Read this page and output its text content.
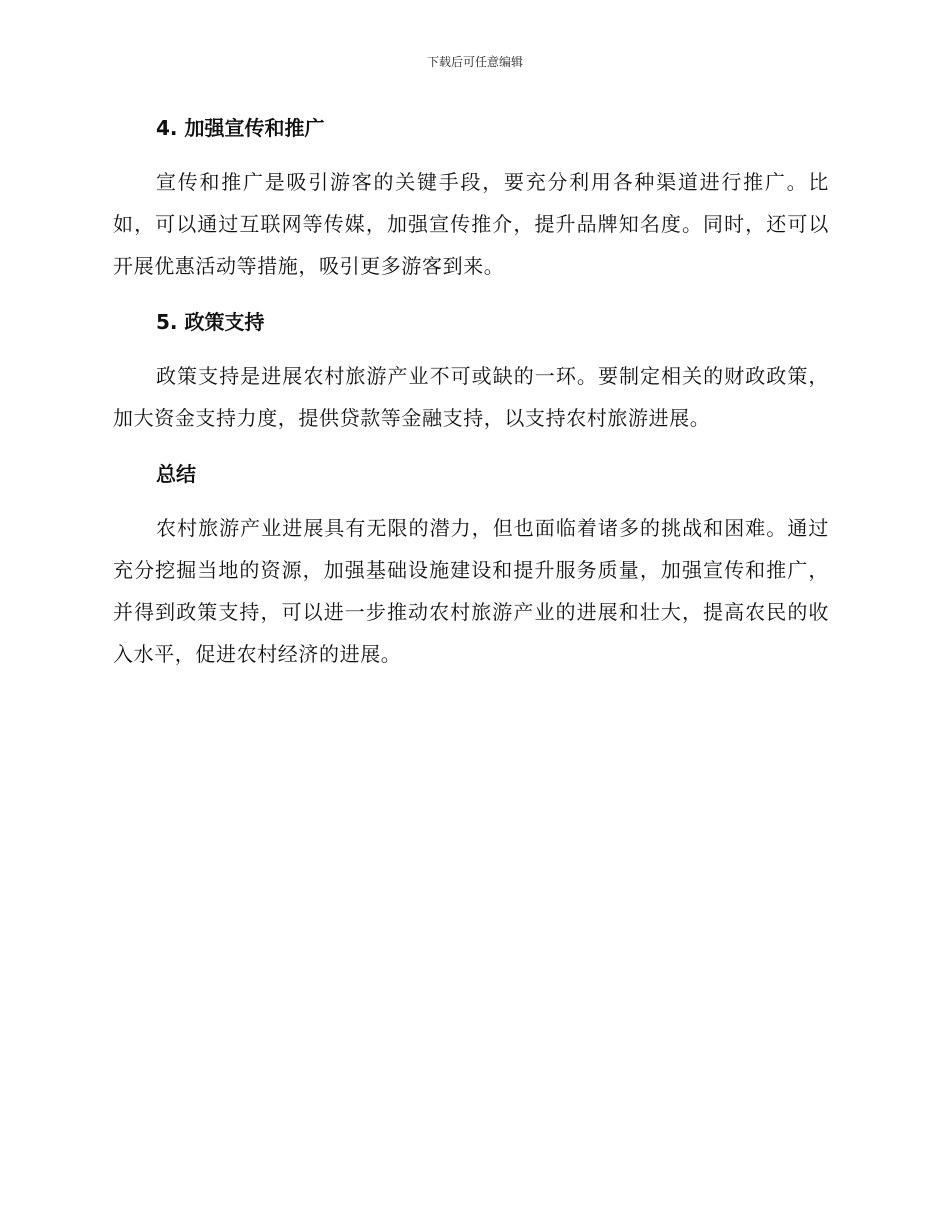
下载后可任意编辑
4. 加强宣传和推广

宣传和推广是吸引游客的关键手段，要充分利用各种渠道进行推广。比如，可以通过互联网等传媒，加强宣传推介，提升品牌知名度。同时，还可以开展优惠活动等措施，吸引更多游客到来。

5. 政策支持

政策支持是进展农村旅游产业不可或缺的一环。要制定相关的财政政策，加大资金支持力度，提供贷款等金融支持，以支持农村旅游进展。

总结

农村旅游产业进展具有无限的潜力，但也面临着诸多的挑战和困难。通过充分挖掘当地的资源，加强基础设施建设和提升服务质量，加强宣传和推广，并得到政策支持，可以进一步推动农村旅游产业的进展和壮大，提高农民的收入水平，促进农村经济的进展。
